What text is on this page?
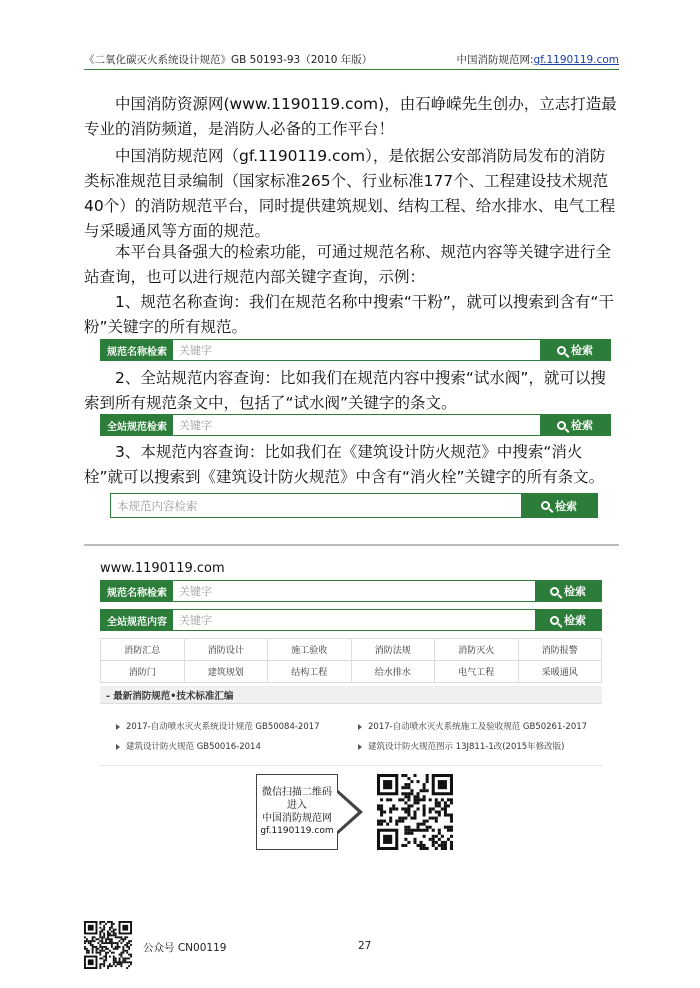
《二氧化碳灭火系统设计规范》GB 50193-93（2010 年版）	中国消防规范网:gf.1190119.com

中国消防资源网(www.1190119.com)，由石峥嵘先生创办，立志打造最专业的消防频道，是消防人必备的工作平台！

中国消防规范网（gf.1190119.com），是依据公安部消防局发布的消防类标准规范目录编制（国家标准265个、行业标准177个、工程建设技术规范40个）的消防规范平台，同时提供建筑规划、结构工程、给水排水、电气工程与采暖通风等方面的规范。

本平台具备强大的检索功能，可通过规范名称、规范内容等关键字进行全站查询，也可以进行规范内部关键字查询，示例：

1、规范名称查询：我们在规范名称中搜索“干粉”，就可以搜索到含有“干粉”关键字的所有规范。

规范名称检索	关键字	检索

2、全站规范内容查询：比如我们在规范内容中搜索“试水阀”，就可以搜索到所有规范条文中，包括了“试水阀”关键字的条文。

全站规范检索	关键字	检索

3、本规范内容查询：比如我们在《建筑设计防火规范》中搜索“消火栓”就可以搜索到《建筑设计防火规范》中含有“消火栓”关键字的所有条文。

本规范内容检索	检索
www.1190119.com
规范名称检索	关键字	检索
全站规范内容	关键字	检索
消防汇总	消防设计	施工验收	消防法规	消防灭火	消防报警
消防门	建筑规划	结构工程	给水排水	电气工程	采暖通风
- 最新消防规范•技术标准汇编
2017-自动喷水灭火系统设计规范 GB50084-2017	2017-自动喷水灭火系统施工及验收规范 GB50261-2017
建筑设计防火规范 GB50016-2014	建筑设计防火规范图示 13J811-1改(2015年修改版)
微信扫描二维码
进入
中国消防规范网
gf.1190119.com
公众号 CN00119	27
